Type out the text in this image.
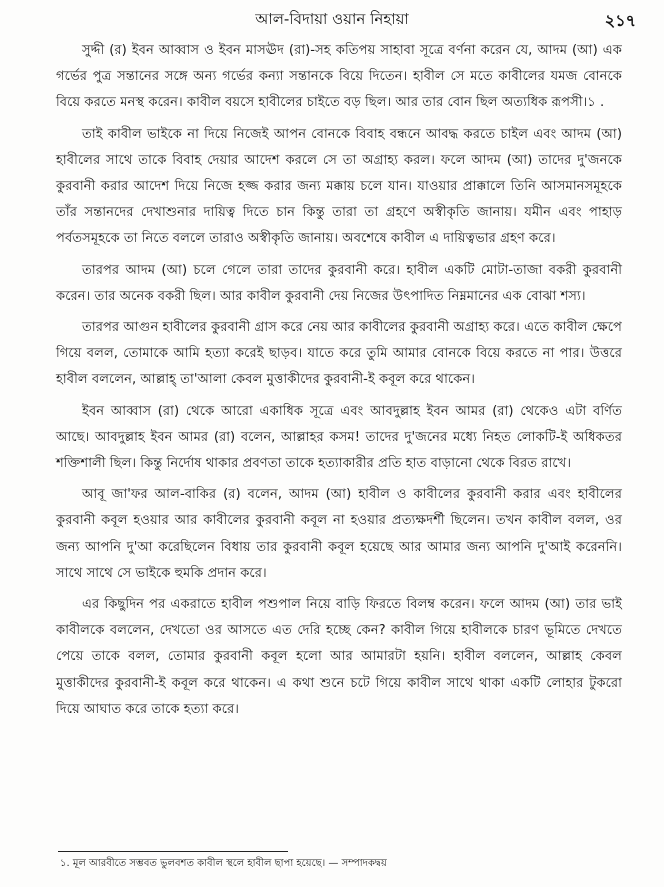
আল-বিদায়া ওয়ান নিহায়া	২১৭

সুদ্দী (র) ইবন আব্বাস ও ইবন মাসঊদ (রা)-সহ কতিপয় সাহাবা সূত্রে বর্ণনা করেন যে, আদম (আ) এক গর্ভের পুত্র সন্তানের সঙ্গে অন্য গর্ভের কন্যা সন্তানকে বিয়ে দিতেন। হাবীল সে মতে কাবীলের যমজ বোনকে বিয়ে করতে মনস্থ করেন। কাবীল বয়সে হাবীলের চাইতে বড় ছিল। আর তার বোন ছিল অত্যধিক রূপসী।১ .

তাই কাবীল ভাইকে না দিয়ে নিজেই আপন বোনকে বিবাহ বন্ধনে আবদ্ধ করতে চাইল এবং আদম (আ) হাবীলের সাথে তাকে বিবাহ দেয়ার আদেশ করলে সে তা অগ্রাহ্য করল। ফলে আদম (আ) তাদের দু'জনকে কুরবানী করার আদেশ দিয়ে নিজে হজ্জ করার জন্য মক্কায় চলে যান। যাওয়ার প্রাক্কালে তিনি আসমানসমূহকে তাঁর সন্তানদের দেখাশুনার দায়িত্ব দিতে চান কিন্তু তারা তা গ্রহণে অস্বীকৃতি জানায়। যমীন এবং পাহাড় পর্বতসমূহকে তা নিতে বললে তারাও অস্বীকৃতি জানায়। অবশেষে কাবীল এ দায়িত্বভার গ্রহণ করে।

তারপর আদম (আ) চলে গেলে তারা তাদের কুরবানী করে। হাবীল একটি মোটা-তাজা বকরী কুরবানী করেন। তার অনেক বকরী ছিল। আর কাবীল কুরবানী দেয় নিজের উৎপাদিত নিম্নমানের এক বোঝা শস্য।

তারপর আগুন হাবীলের কুরবানী গ্রাস করে নেয় আর কাবীলের কুরবানী অগ্রাহ্য করে। এতে কাবীল ক্ষেপে গিয়ে বলল, তোমাকে আমি হত্যা করেই ছাড়ব। যাতে করে তুমি আমার বোনকে বিয়ে করতে না পার। উত্তরে হাবীল বললেন, আল্লাহ্ তা'আলা কেবল মুত্তাকীদের কুরবানী-ই কবূল করে থাকেন।

ইবন আব্বাস (রা) থেকে আরো একাধিক সূত্রে এবং আবদুল্লাহ ইবন আমর (রা) থেকেও এটা বর্ণিত আছে। আবদুল্লাহ ইবন আমর (রা) বলেন, আল্লাহর কসম! তাদের দু'জনের মধ্যে নিহত লোকটি-ই অধিকতর শক্তিশালী ছিল। কিন্তু নির্দোষ থাকার প্রবণতা তাকে হত্যাকারীর প্রতি হাত বাড়ানো থেকে বিরত রাখে।

আবূ জা'ফর আল-বাকির (র) বলেন, আদম (আ) হাবীল ও কাবীলের কুরবানী করার এবং হাবীলের কুরবানী কবূল হওয়ার আর কাবীলের কুরবানী কবূল না হওয়ার প্রত্যক্ষদর্শী ছিলেন। তখন কাবীল বলল, ওর জন্য আপনি দু'আ করেছিলেন বিধায় তার কুরবানী কবূল হয়েছে আর আমার জন্য আপনি দু'আই করেননি। সাথে সাথে সে ভাইকে হুমকি প্রদান করে।

এর কিছুদিন পর একরাতে হাবীল পশুপাল নিয়ে বাড়ি ফিরতে বিলম্ব করেন। ফলে আদম (আ) তার ভাই কাবীলকে বললেন, দেখতো ওর আসতে এত দেরি হচ্ছে কেন? কাবীল গিয়ে হাবীলকে চারণ ভূমিতে দেখতে পেয়ে তাকে বলল, তোমার কুরবানী কবূল হলো আর আমারটা হয়নি। হাবীল বললেন, আল্লাহ কেবল মুত্তাকীদের কুরবানী-ই কবূল করে থাকেন। এ কথা শুনে চটে গিয়ে কাবীল সাথে থাকা একটি লোহার টুকরো দিয়ে আঘাত করে তাকে হত্যা করে।

১. মূল আরবীতে সম্ভবত ভুলবশত কাবীল স্থলে হাবীল ছাপা হয়েছে। — সম্পাদকদ্বয়
